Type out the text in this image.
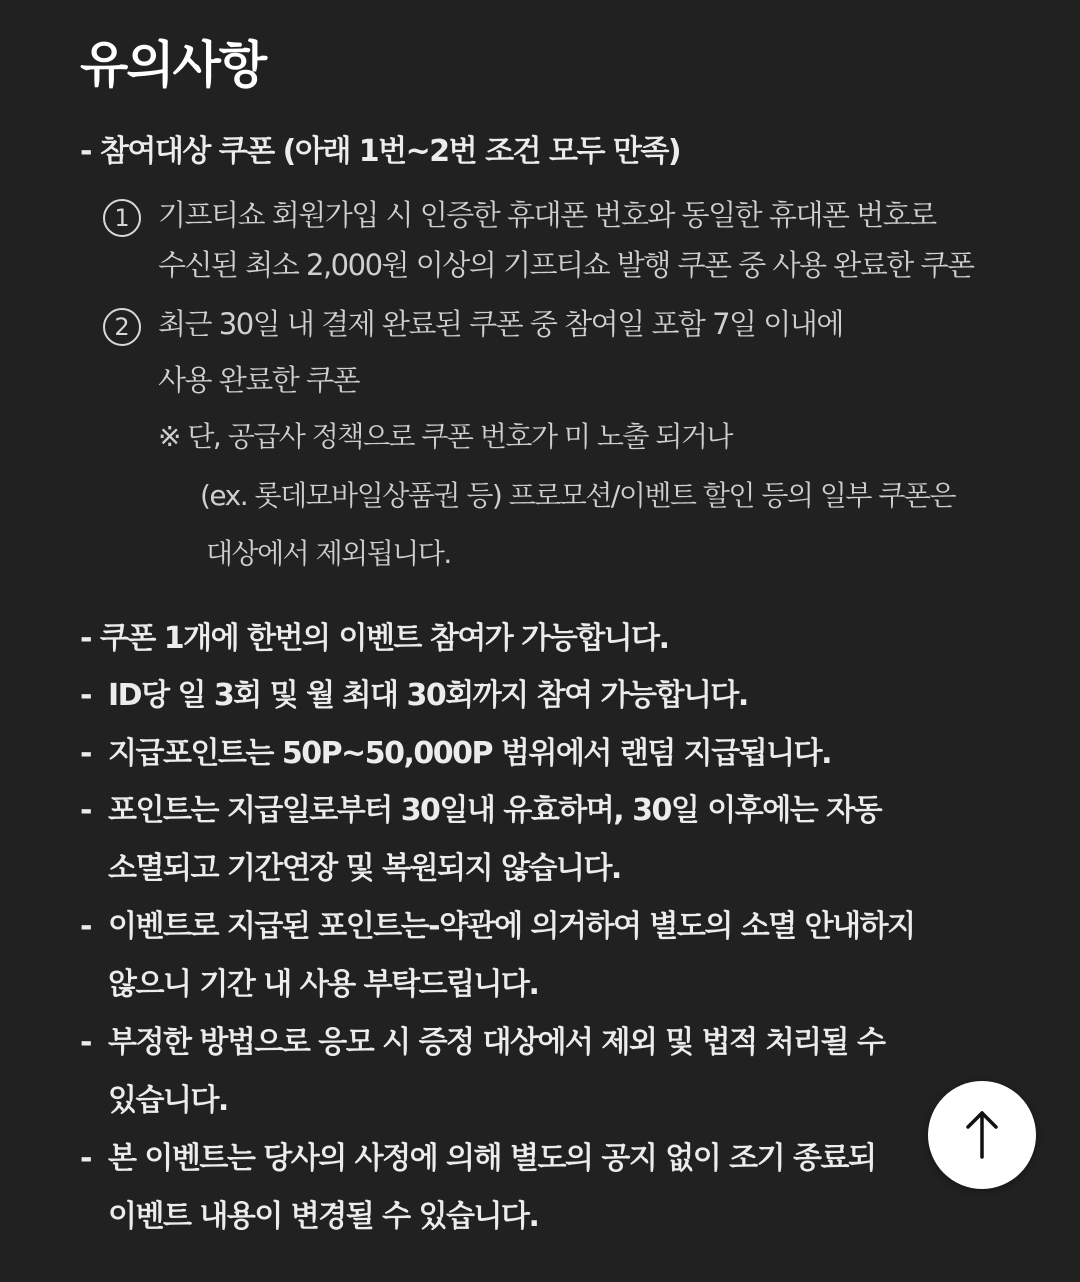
유의사항
- 참여대상 쿠폰 (아래 1번~2번 조건 모두 만족)
1 기프티쇼 회원가입 시 인증한 휴대폰 번호와 동일한 휴대폰 번호로
수신된 최소 2,000원 이상의 기프티쇼 발행 쿠폰 중 사용 완료한 쿠폰
2 최근 30일 내 결제 완료된 쿠폰 중 참여일 포함 7일 이내에
사용 완료한 쿠폰
※ 단, 공급사 정책으로 쿠폰 번호가 미 노출 되거나
(ex. 롯데모바일상품권 등) 프로모션/이벤트 할인 등의 일부 쿠폰은
대상에서 제외됩니다.
- 쿠폰 1개에 한번의 이벤트 참여가 가능합니다.
- ID당 일 3회 및 월 최대 30회까지 참여 가능합니다.
- 지급포인트는 50P~50,000P 범위에서 랜덤 지급됩니다.
- 포인트는 지급일로부터 30일내 유효하며, 30일 이후에는 자동
소멸되고 기간연장 및 복원되지 않습니다.
- 이벤트로 지급된 포인트는-약관에 의거하여 별도의 소멸 안내하지
않으니 기간 내 사용 부탁드립니다.
- 부정한 방법으로 응모 시 증정 대상에서 제외 및 법적 처리될 수
있습니다.
- 본 이벤트는 당사의 사정에 의해 별도의 공지 없이 조기 종료되
이벤트 내용이 변경될 수 있습니다.
